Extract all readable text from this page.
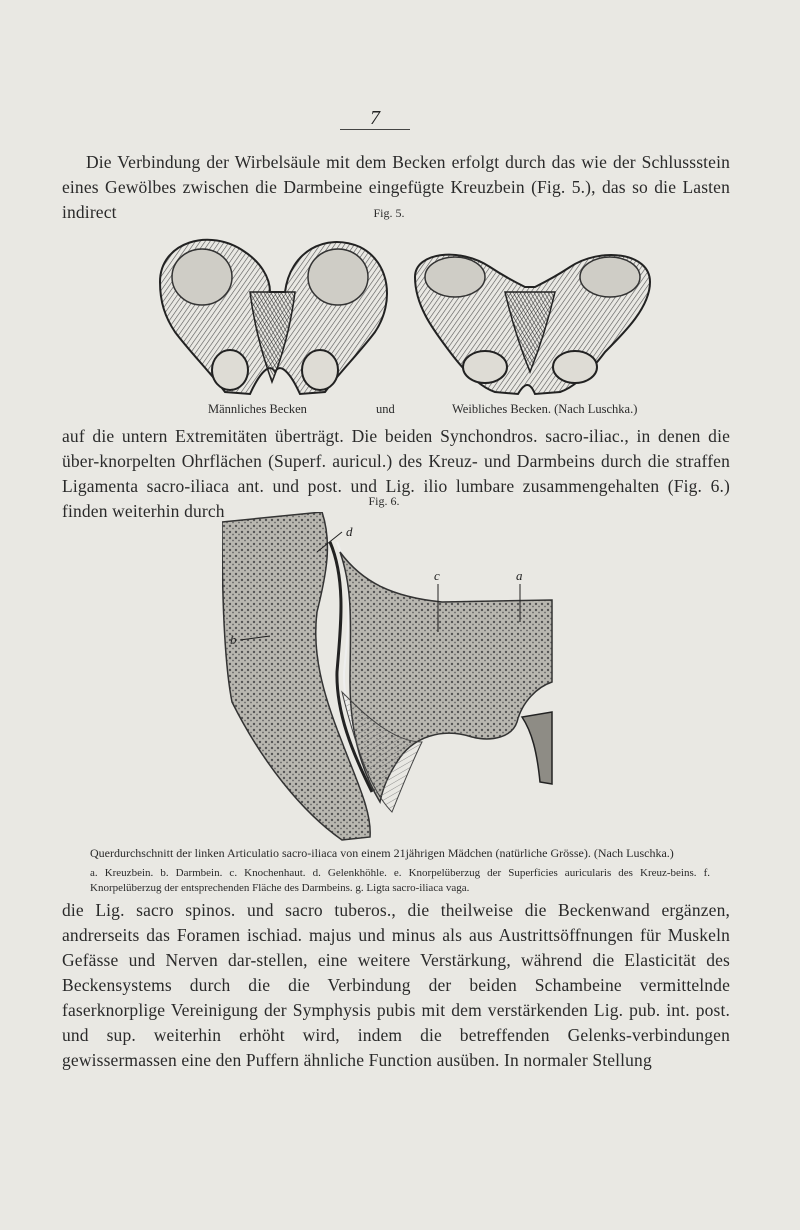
7

Die Verbindung der Wirbelsäule mit dem Becken erfolgt durch das wie der Schlussstein eines Gewölbes zwischen die Darmbeine eingefügte Kreuzbein (Fig. 5.), das so die Lasten indirect	Fig. 5.
Männliches Becken	und	Weibliches Becken. (Nach Luschka.)

auf die untern Extremitäten überträgt. Die beiden Synchondros. sacro-iliac., in denen die über-knorpelten Ohrflächen (Superf. auricul.) des Kreuz- und Darmbeins durch die straffen Ligamenta sacro-iliaca ant. und post. und Lig. ilio lumbare zusammengehalten (Fig. 6.) finden weiterhin durch	Fig. 6.
d
c	a
b
Querdurchschnitt der linken Articulatio sacro-iliaca von einem 21jährigen Mädchen (natürliche Grösse). (Nach Luschka.)

a. Kreuzbein. b. Darmbein. c. Knochenhaut. d. Gelenkhöhle. e. Knorpelüberzug der Superficies auricularis des Kreuz-beins. f. Knorpelüberzug der entsprechenden Fläche des Darmbeins. g. Ligta sacro-iliaca vaga.

die Lig. sacro spinos. und sacro tuberos., die theilweise die Beckenwand ergänzen, andrerseits das Foramen ischiad. majus und minus als aus Austrittsöffnungen für Muskeln Gefässe und Nerven dar-stellen, eine weitere Verstärkung, während die Elasticität des Beckensystems durch die die Verbindung der beiden Schambeine vermittelnde faserknorplige Vereinigung der Symphysis pubis mit dem verstärkenden Lig. pub. int. post. und sup. weiterhin erhöht wird, indem die betreffenden Gelenks-verbindungen gewissermassen eine den Puffern ähnliche Function ausüben. In normaler Stellung
